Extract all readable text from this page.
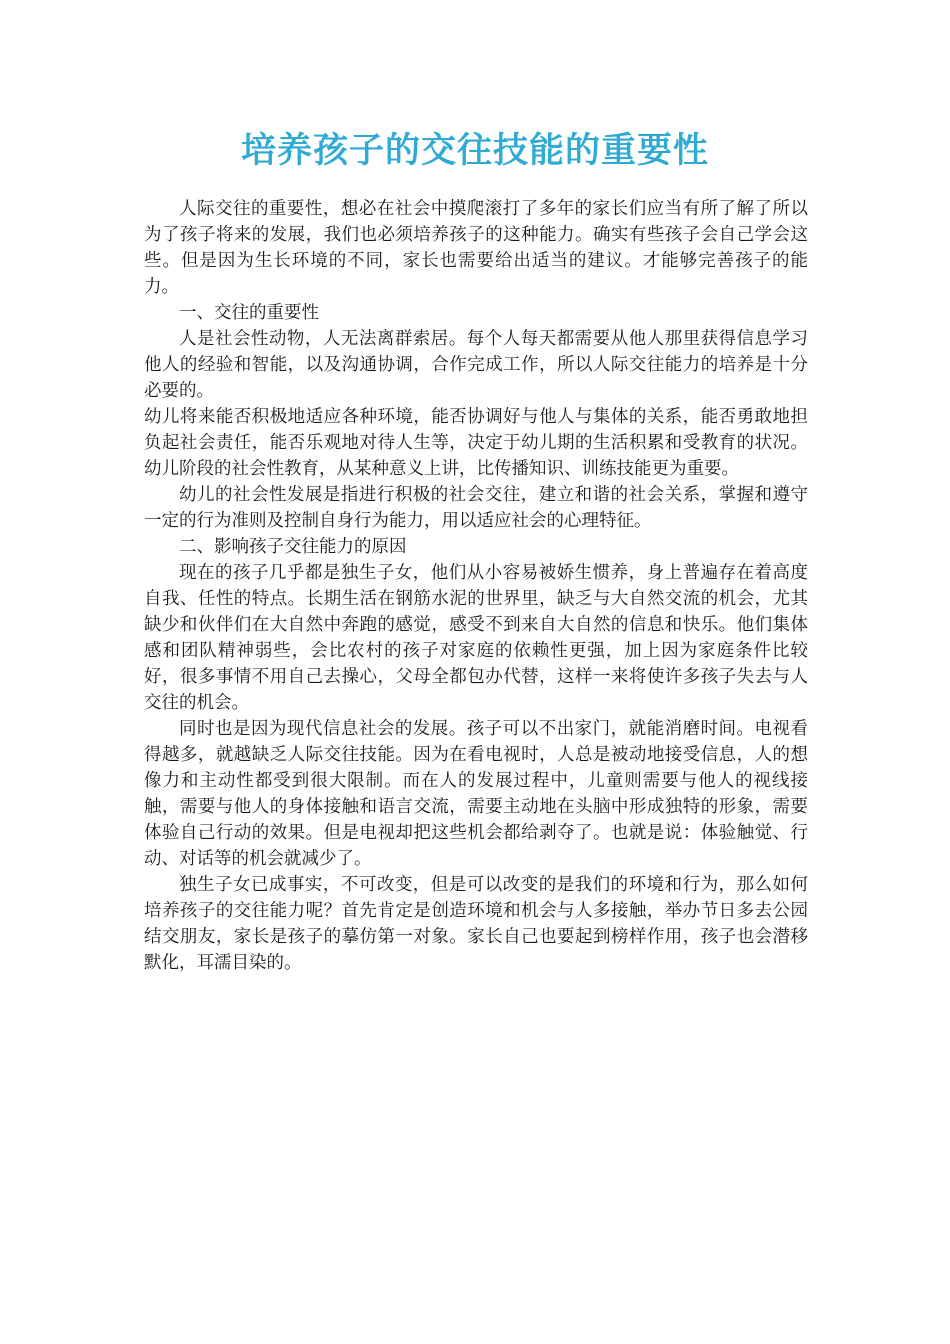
培养孩子的交往技能的重要性

人际交往的重要性，想必在社会中摸爬滚打了多年的家长们应当有所了解了所以为了孩子将来的发展，我们也必须培养孩子的这种能力。确实有些孩子会自己学会这些。但是因为生长环境的不同，家长也需要给出适当的建议。才能够完善孩子的能力。

一、交往的重要性

人是社会性动物，人无法离群索居。每个人每天都需要从他人那里获得信息学习他人的经验和智能，以及沟通协调，合作完成工作，所以人际交往能力的培养是十分必要的。

幼儿将来能否积极地适应各种环境，能否协调好与他人与集体的关系，能否勇敢地担负起社会责任，能否乐观地对待人生等，决定于幼儿期的生活积累和受教育的状况。幼儿阶段的社会性教育，从某种意义上讲，比传播知识、训练技能更为重要。

幼儿的社会性发展是指进行积极的社会交往，建立和谐的社会关系，掌握和遵守一定的行为准则及控制自身行为能力，用以适应社会的心理特征。

二、影响孩子交往能力的原因

现在的孩子几乎都是独生子女，他们从小容易被娇生惯养，身上普遍存在着高度自我、任性的特点。长期生活在钢筋水泥的世界里，缺乏与大自然交流的机会，尤其缺少和伙伴们在大自然中奔跑的感觉，感受不到来自大自然的信息和快乐。他们集体感和团队精神弱些，会比农村的孩子对家庭的依赖性更强，加上因为家庭条件比较好，很多事情不用自己去操心，父母全都包办代替，这样一来将使许多孩子失去与人交往的机会。

同时也是因为现代信息社会的发展。孩子可以不出家门，就能消磨时间。电视看得越多，就越缺乏人际交往技能。因为在看电视时，人总是被动地接受信息，人的想像力和主动性都受到很大限制。而在人的发展过程中，儿童则需要与他人的视线接触，需要与他人的身体接触和语言交流，需要主动地在头脑中形成独特的形象，需要体验自己行动的效果。但是电视却把这些机会都给剥夺了。也就是说：体验触觉、行动、对话等的机会就减少了。

独生子女已成事实，不可改变，但是可以改变的是我们的环境和行为，那么如何培养孩子的交往能力呢？首先肯定是创造环境和机会与人多接触，举办节日多去公园结交朋友，家长是孩子的摹仿第一对象。家长自己也要起到榜样作用，孩子也会潜移默化，耳濡目染的。
